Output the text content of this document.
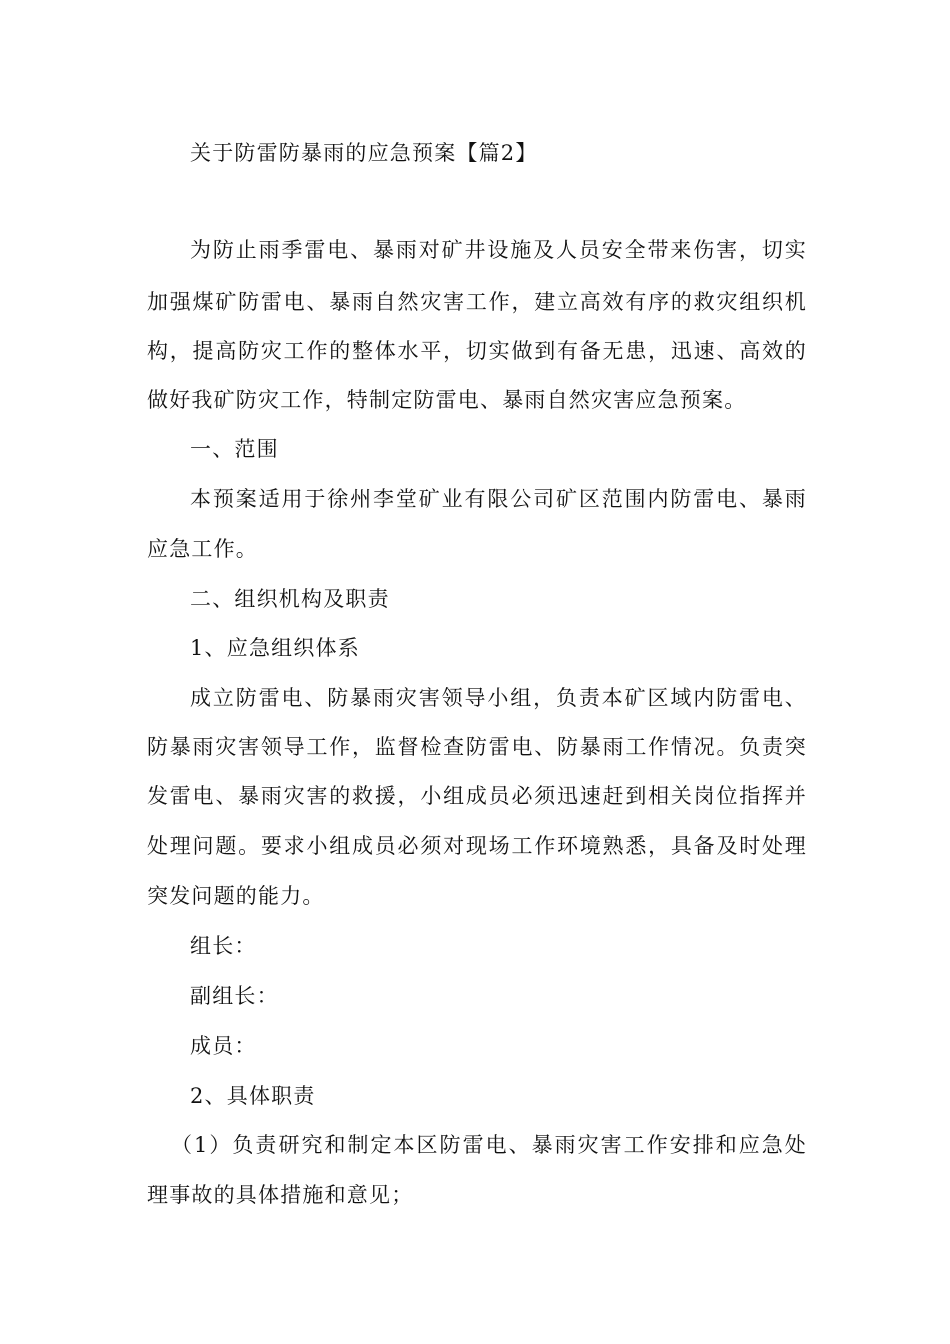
关于防雷防暴雨的应急预案【篇2】
为防止雨季雷电、暴雨对矿井设施及人员安全带来伤害，切实
加强煤矿防雷电、暴雨自然灾害工作，建立高效有序的救灾组织机
构，提高防灾工作的整体水平，切实做到有备无患，迅速、高效的
做好我矿防灾工作，特制定防雷电、暴雨自然灾害应急预案。
一、范围
本预案适用于徐州李堂矿业有限公司矿区范围内防雷电、暴雨
应急工作。
二、组织机构及职责
1、应急组织体系
成立防雷电、防暴雨灾害领导小组，负责本矿区域内防雷电、
防暴雨灾害领导工作，监督检查防雷电、防暴雨工作情况。负责突
发雷电、暴雨灾害的救援，小组成员必须迅速赶到相关岗位指挥并
处理问题。要求小组成员必须对现场工作环境熟悉，具备及时处理
突发问题的能力。
组长：
副组长：
成员：
2、具体职责
（1）负责研究和制定本区防雷电、暴雨灾害工作安排和应急处
理事故的具体措施和意见；
